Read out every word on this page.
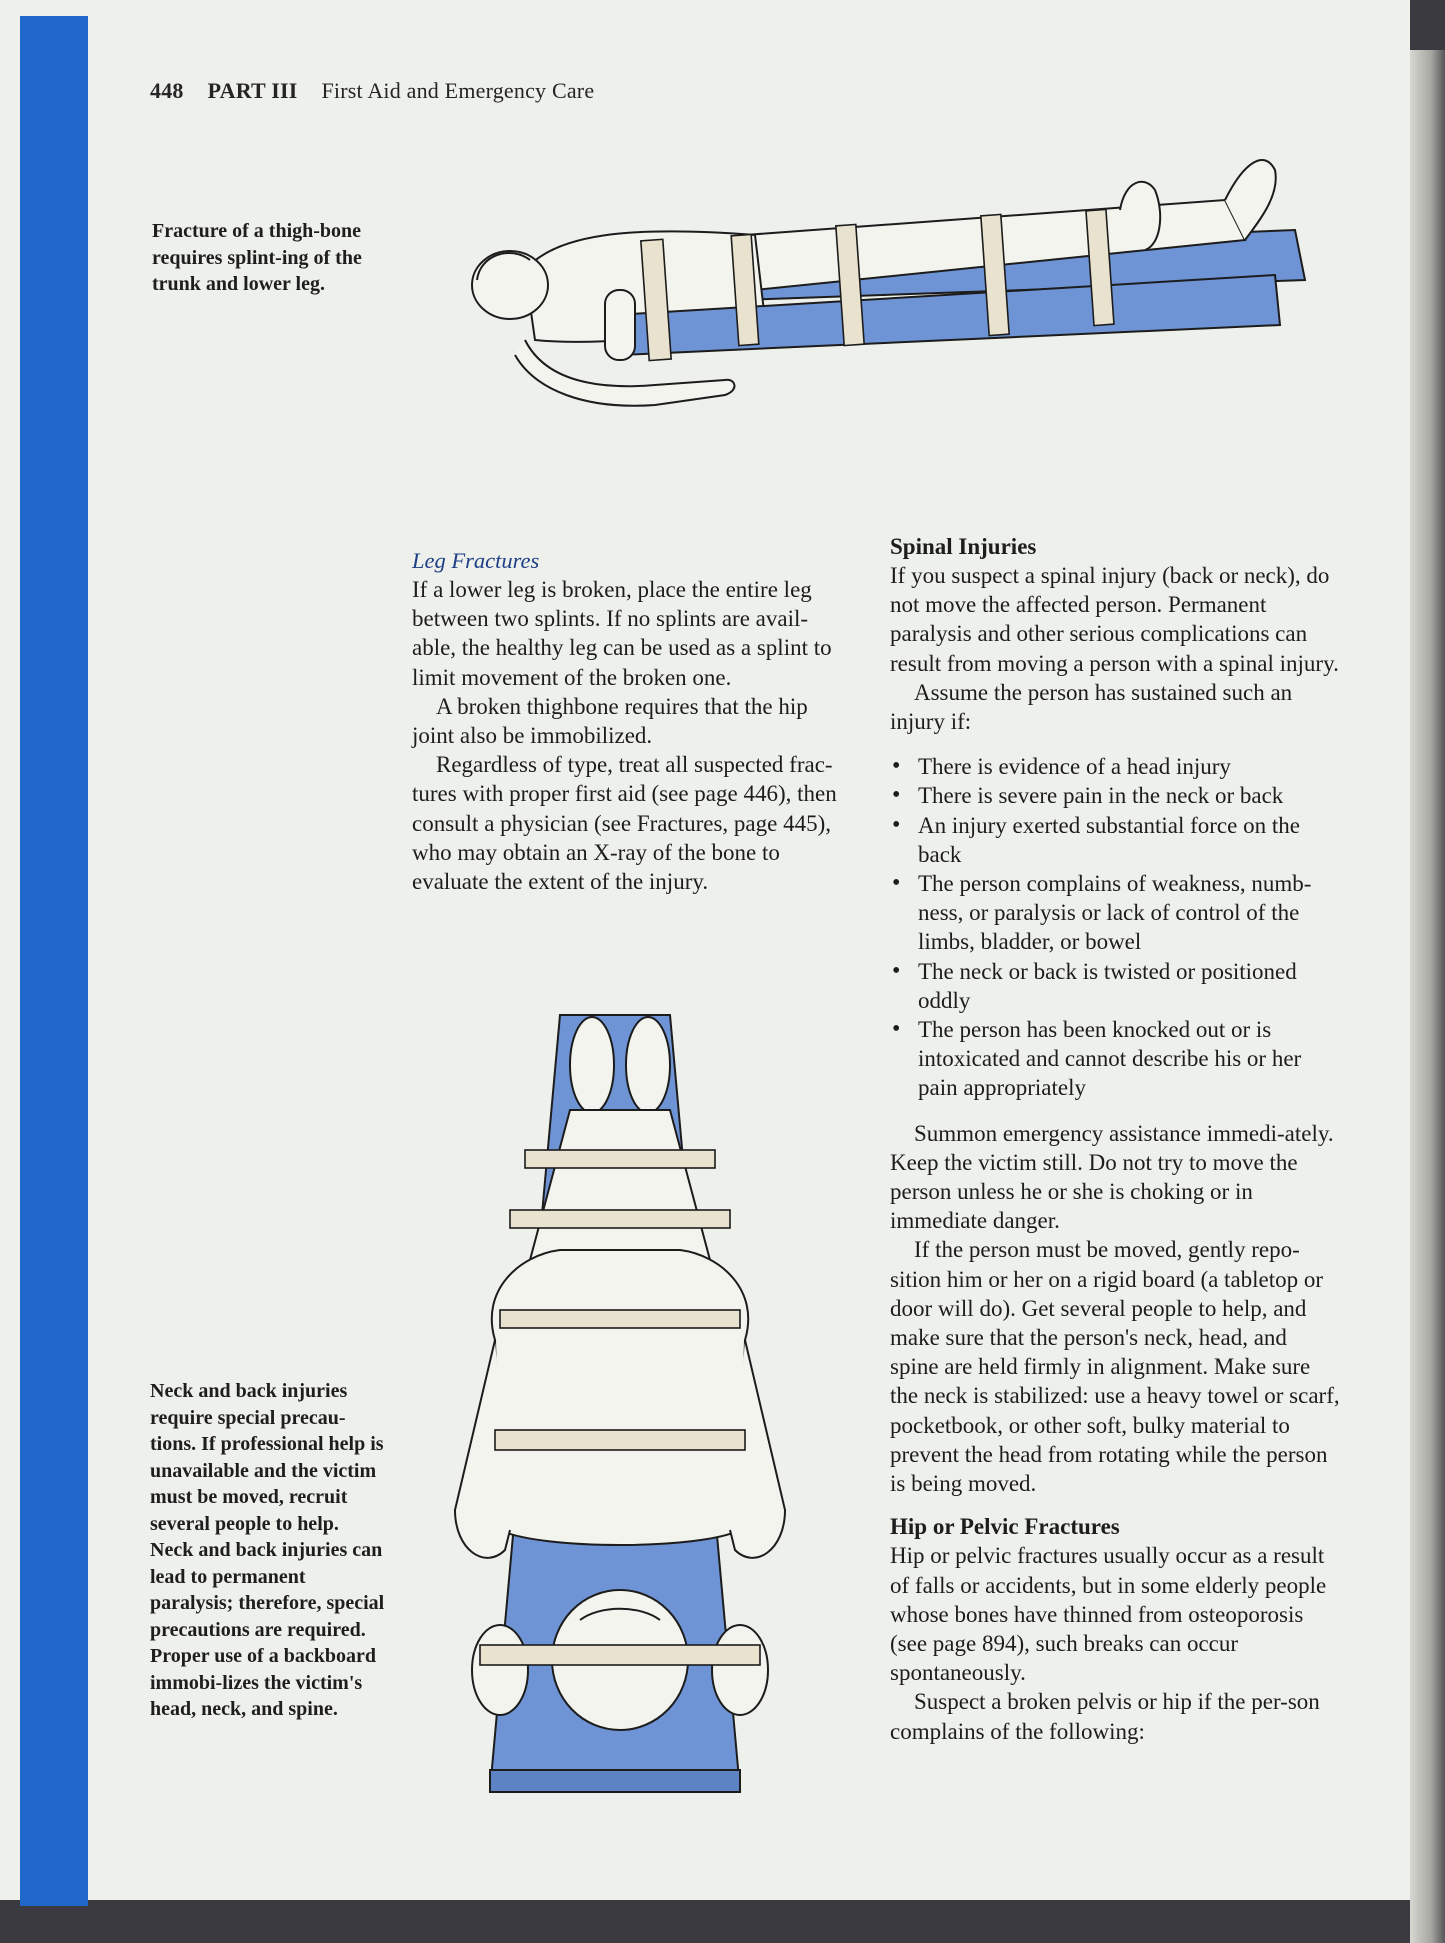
448 PART III First Aid and Emergency Care

Fracture of a thigh-bone requires splint-ing of the trunk and lower leg.

Leg Fractures

If a lower leg is broken, place the entire leg between two splints. If no splints are avail-able, the healthy leg can be used as a splint to limit movement of the broken one.

A broken thighbone requires that the hip joint also be immobilized.

Regardless of type, treat all suspected frac-tures with proper first aid (see page 446), then consult a physician (see Fractures, page 445), who may obtain an X-ray of the bone to evaluate the extent of the injury.

Neck and back injuries require special precau-tions. If professional help is unavailable and the victim must be moved, recruit several people to help. Neck and back injuries can lead to permanent paralysis; therefore, special precautions are required. Proper use of a backboard immobi-lizes the victim's head, neck, and spine.

Spinal Injuries

If you suspect a spinal injury (back or neck), do not move the affected person. Permanent paralysis and other serious complications can result from moving a person with a spinal injury.

Assume the person has sustained such an injury if:

• There is evidence of a head injury
• There is severe pain in the neck or back
• An injury exerted substantial force on the back
• The person complains of weakness, numb-ness, or paralysis or lack of control of the limbs, bladder, or bowel
• The neck or back is twisted or positioned oddly
• The person has been knocked out or is intoxicated and cannot describe his or her pain appropriately

Summon emergency assistance immedi-ately. Keep the victim still. Do not try to move the person unless he or she is choking or in immediate danger.

If the person must be moved, gently repo-sition him or her on a rigid board (a tabletop or door will do). Get several people to help, and make sure that the person's neck, head, and spine are held firmly in alignment. Make sure the neck is stabilized: use a heavy towel or scarf, pocketbook, or other soft, bulky material to prevent the head from rotating while the person is being moved.

Hip or Pelvic Fractures

Hip or pelvic fractures usually occur as a result of falls or accidents, but in some elderly people whose bones have thinned from osteoporosis (see page 894), such breaks can occur spontaneously.

Suspect a broken pelvis or hip if the per-son complains of the following:
